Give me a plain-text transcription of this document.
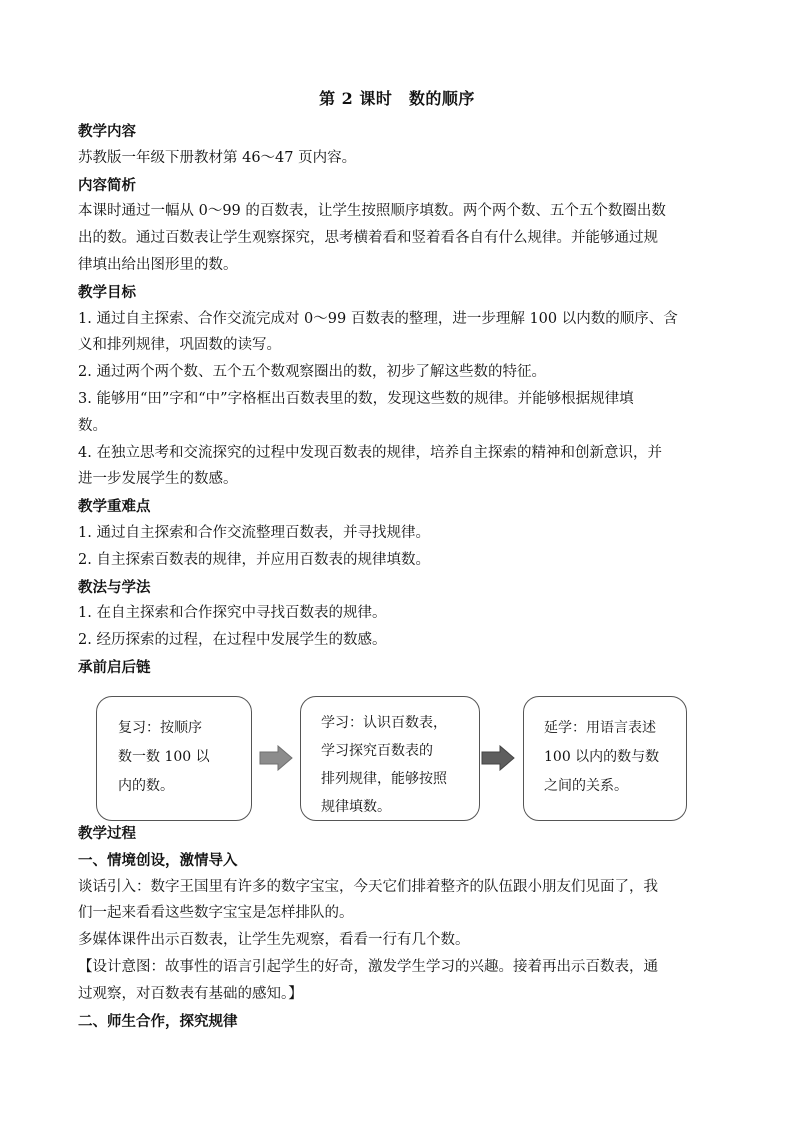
第 2 课时　数的顺序
教学内容
苏教版一年级下册教材第 46～47 页内容。
内容简析
本课时通过一幅从 0～99 的百数表，让学生按照顺序填数。两个两个数、五个五个数圈出数
出的数。通过百数表让学生观察探究，思考横着看和竖着看各自有什么规律。并能够通过规
律填出给出图形里的数。
教学目标
1. 通过自主探索、合作交流完成对 0～99 百数表的整理，进一步理解 100 以内数的顺序、含
义和排列规律，巩固数的读写。
2. 通过两个两个数、五个五个数观察圈出的数，初步了解这些数的特征。
3. 能够用“田”字和“中”字格框出百数表里的数，发现这些数的规律。并能够根据规律填
数。
4. 在独立思考和交流探究的过程中发现百数表的规律，培养自主探索的精神和创新意识，并
进一步发展学生的数感。
教学重难点
1. 通过自主探索和合作交流整理百数表，并寻找规律。
2. 自主探索百数表的规律，并应用百数表的规律填数。
教法与学法
1. 在自主探索和合作探究中寻找百数表的规律。
2. 经历探索的过程，在过程中发展学生的数感。
承前启后链
复习：按顺序
数一数 100 以
内的数。
学习：认识百数表，
学习探究百数表的
排列规律，能够按照
规律填数。
延学：用语言表述
100 以内的数与数
之间的关系。
教学过程
一、情境创设，激情导入
谈话引入：数字王国里有许多的数字宝宝，今天它们排着整齐的队伍跟小朋友们见面了，我
们一起来看看这些数字宝宝是怎样排队的。
多媒体课件出示百数表，让学生先观察，看看一行有几个数。
【设计意图：故事性的语言引起学生的好奇，激发学生学习的兴趣。接着再出示百数表，通
过观察，对百数表有基础的感知。】
二、师生合作，探究规律
